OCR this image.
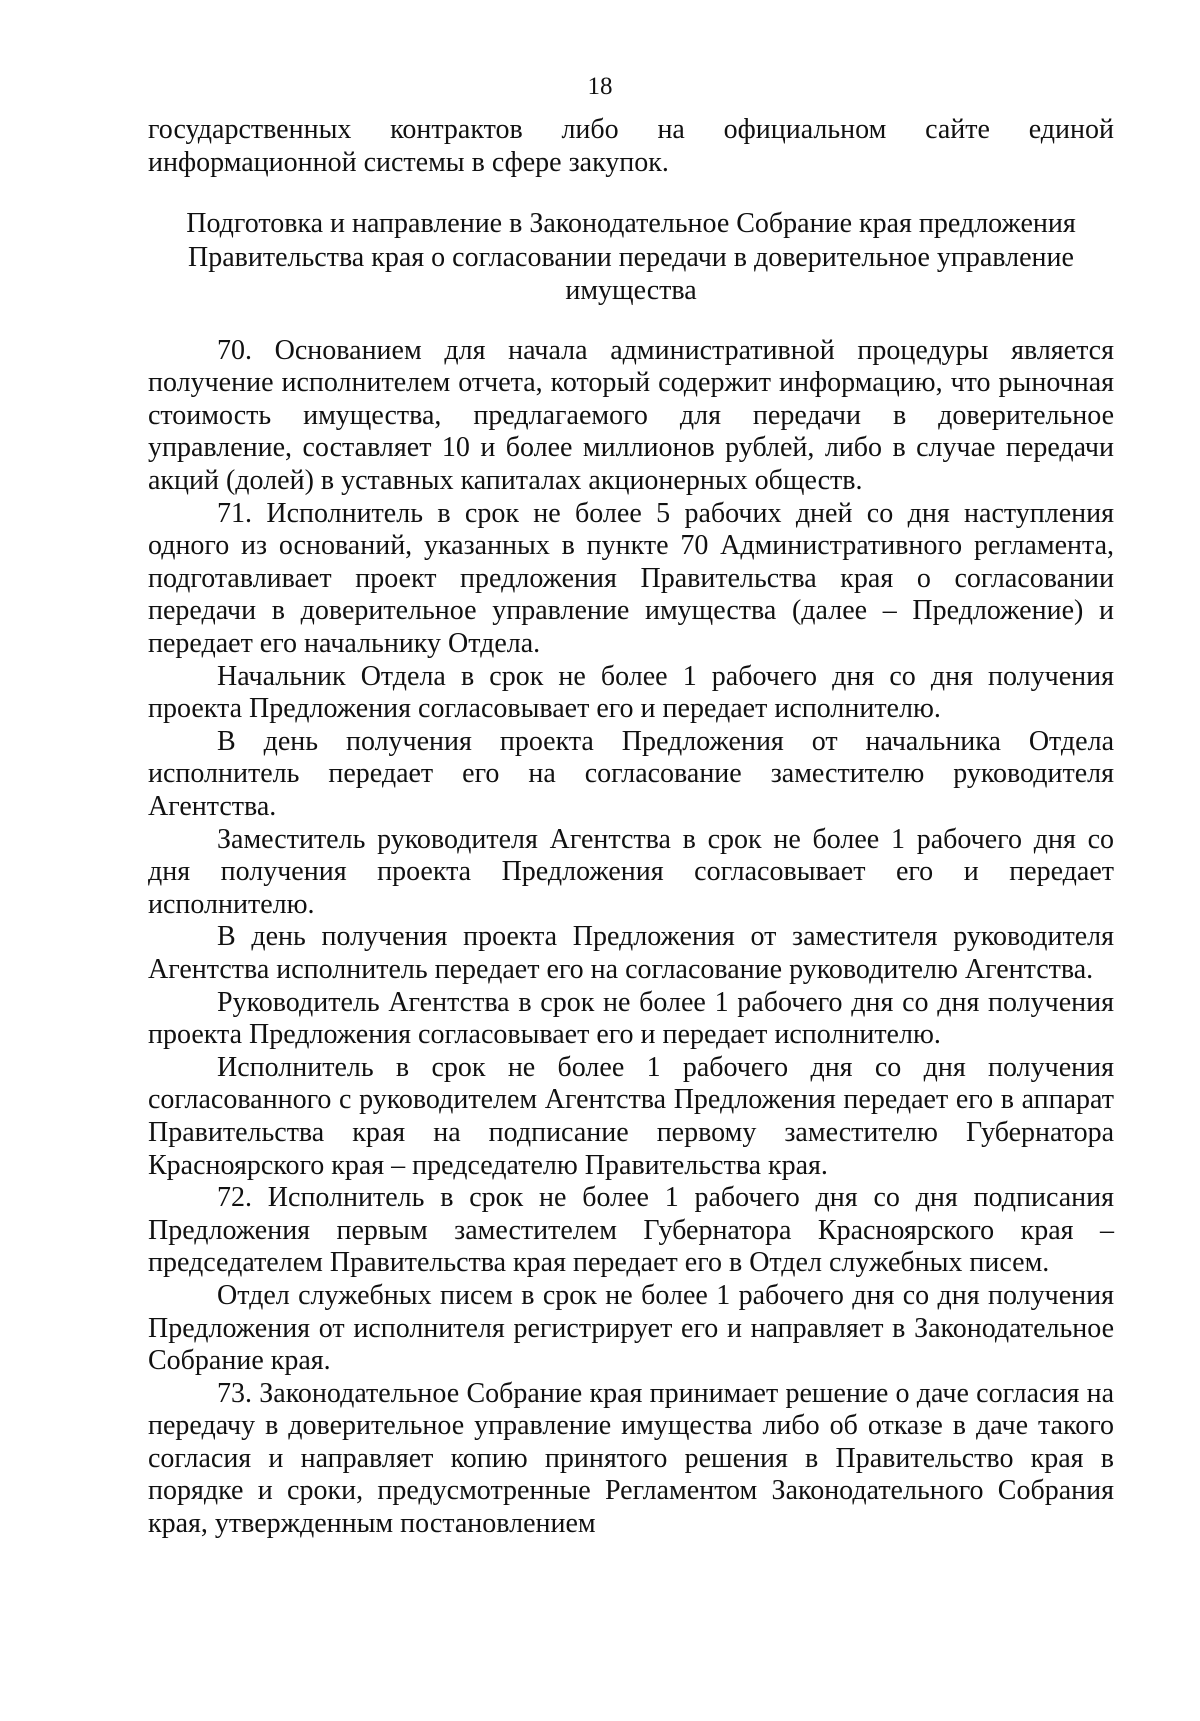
18

государственных контрактов либо на официальном сайте единой информационной системы в сфере закупок.

Подготовка и направление в Законодательное Собрание края предложения Правительства края о согласовании передачи в доверительное управление имущества

70. Основанием для начала административной процедуры является получение исполнителем отчета, который содержит информацию, что рыночная стоимость имущества, предлагаемого для передачи в доверительное управление, составляет 10 и более миллионов рублей, либо в случае передачи акций (долей) в уставных капиталах акционерных обществ.

71. Исполнитель в срок не более 5 рабочих дней со дня наступления одного из оснований, указанных в пункте 70 Административного регламента, подготавливает проект предложения Правительства края о согласовании передачи в доверительное управление имущества (далее – Предложение) и передает его начальнику Отдела.

Начальник Отдела в срок не более 1 рабочего дня со дня получения проекта Предложения согласовывает его и передает исполнителю.

В день получения проекта Предложения от начальника Отдела исполнитель передает его на согласование заместителю руководителя Агентства.

Заместитель руководителя Агентства в срок не более 1 рабочего дня со дня получения проекта Предложения согласовывает его и передает исполнителю.

В день получения проекта Предложения от заместителя руководителя Агентства исполнитель передает его на согласование руководителю Агентства.

Руководитель Агентства в срок не более 1 рабочего дня со дня получения проекта Предложения согласовывает его и передает исполнителю.

Исполнитель в срок не более 1 рабочего дня со дня получения согласованного с руководителем Агентства Предложения передает его в аппарат Правительства края на подписание первому заместителю Губернатора Красноярского края – председателю Правительства края.

72. Исполнитель в срок не более 1 рабочего дня со дня подписания Предложения первым заместителем Губернатора Красноярского края – председателем Правительства края передает его в Отдел служебных писем.

Отдел служебных писем в срок не более 1 рабочего дня со дня получения Предложения от исполнителя регистрирует его и направляет в Законодательное Собрание края.

73. Законодательное Собрание края принимает решение о даче согласия на передачу в доверительное управление имущества либо об отказе в даче такого согласия и направляет копию принятого решения в Правительство края в порядке и сроки, предусмотренные Регламентом Законодательного Собрания края, утвержденным постановлением
